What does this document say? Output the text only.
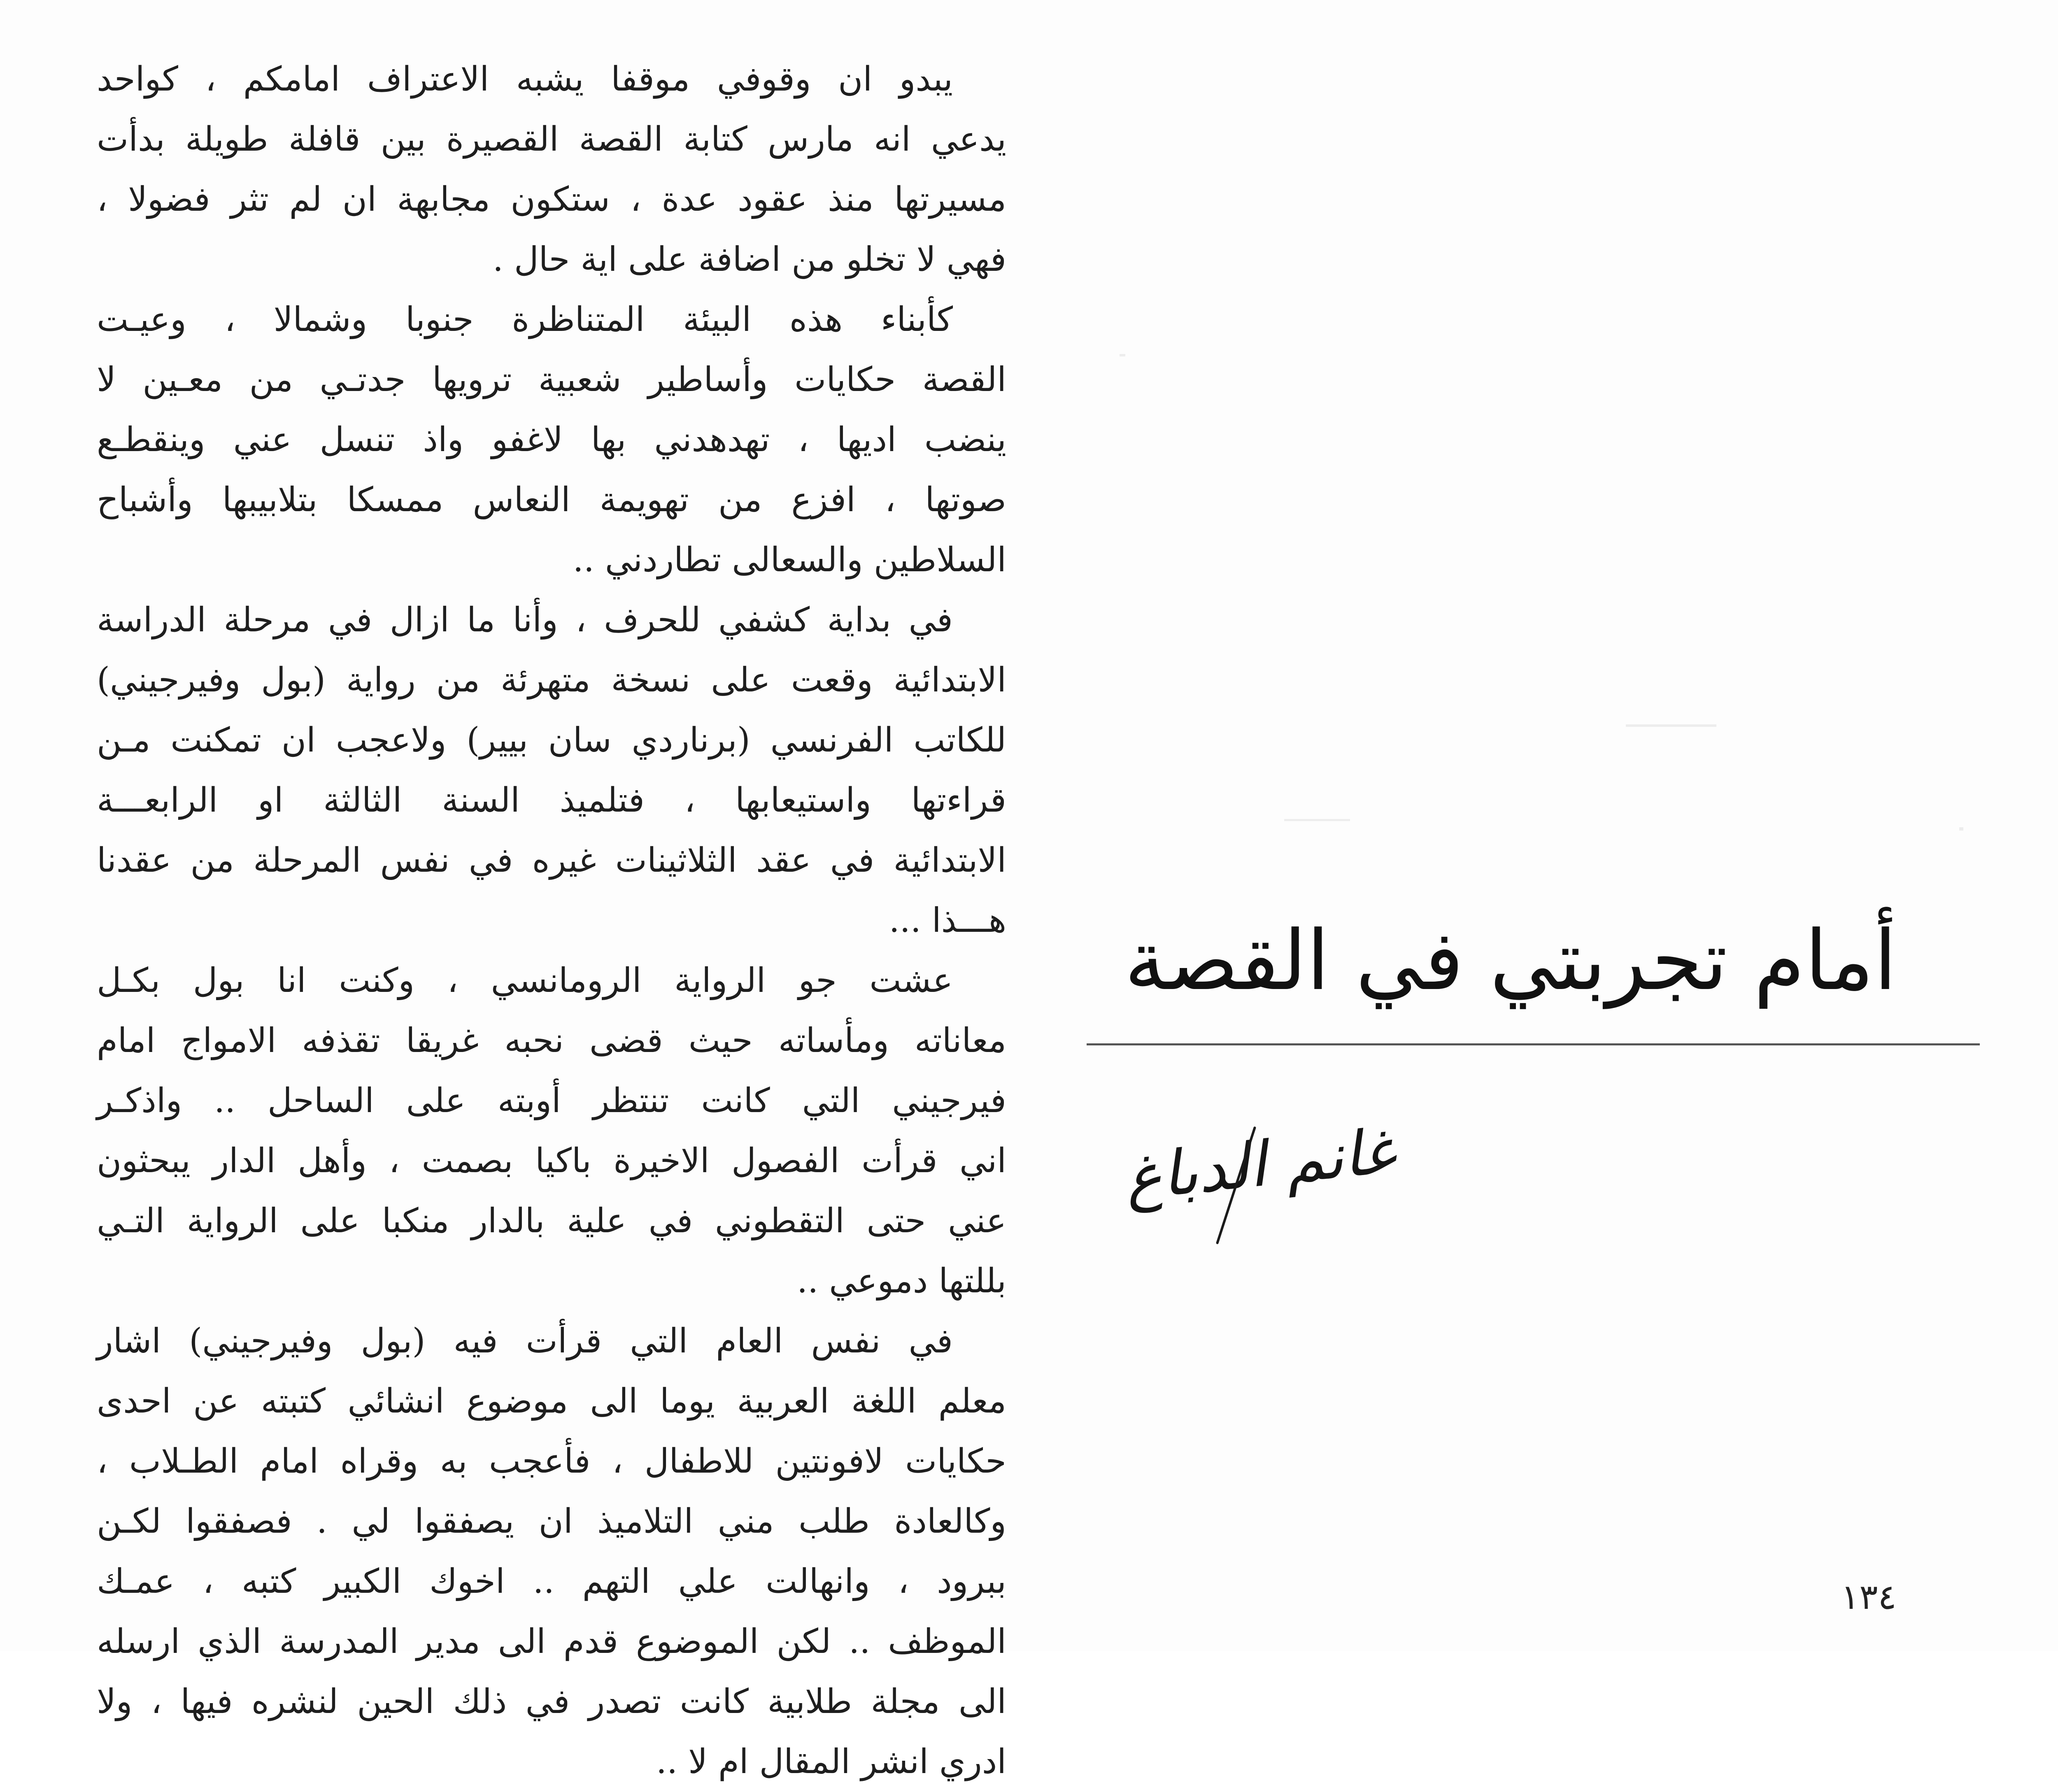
يبدو ان وقوفي موقفا يشبه الاعتراف امامكم ، كواحد
يدعي انه مارس كتابة القصة القصيرة بين قافلة طويلة بدأت
مسيرتها منذ عقود عدة ، ستكون مجابهة ان لم تثر فضولا ،
فهي لا تخلو من اضافة على اية حال .
كأبناء هذه البيئة المتناظرة جنوبا وشمالا ، وعيـت
القصة حكايات وأساطير شعبية ترويها جدتـي من معـين لا
ينضب اديها ، تهدهدني بها لاغفو واذ تنسل عني وينقطـع
صوتها ، افزع من تهويمة النعاس ممسكا بتلابيبها وأشباح
السلاطين والسعالى تطاردني ..
في بداية كشفي للحرف ، وأنا ما ازال في مرحلة الدراسة
الابتدائية وقعت على نسخة متهرئة من رواية (بول وفيرجيني)
للكاتب الفرنسي (برناردي سان بيير) ولاعجب ان تمكنت مـن
قراءتها واستيعابها ، فتلميذ السنة الثالثة او الرابعـــة
الابتدائية في عقد الثلاثينات غيره في نفس المرحلة من عقدنا
هـــذا ...
عشت جو الرواية الرومانسي ، وكنت انا بول بكـل
معاناته ومأساته حيث قضى نحبه غريقا تقذفه الامواج امام
فيرجيني التي كانت تنتظر أوبته على الساحل .. واذكـر
اني قرأت الفصول الاخيرة باكيا بصمت ، وأهل الدار يبحثون
عني حتى التقطوني في علية بالدار منكبا على الرواية التـي
بللتها دموعي ..
في نفس العام التي قرأت فيه (بول وفيرجيني) اشار
معلم اللغة العربية يوما الى موضوع انشائي كتبته عن احدى
حكايات لافونتين للاطفال ، فأعجب به وقراه امام الطـلاب ،
وكالعادة طلب مني التلاميذ ان يصفقوا لي . فصفقوا لكـن
ببرود ، وانهالت علي التهم .. اخوك الكبير كتبه ، عمـك
الموظف .. لكن الموضوع قدم الى مدير المدرسة الذي ارسله
الى مجلة طلابية كانت تصدر في ذلك الحين لنشره فيها ، ولا
ادري انشر المقال ام لا ..
أمام تجربتي في القصة
غانم الدباغ
١٣٤
